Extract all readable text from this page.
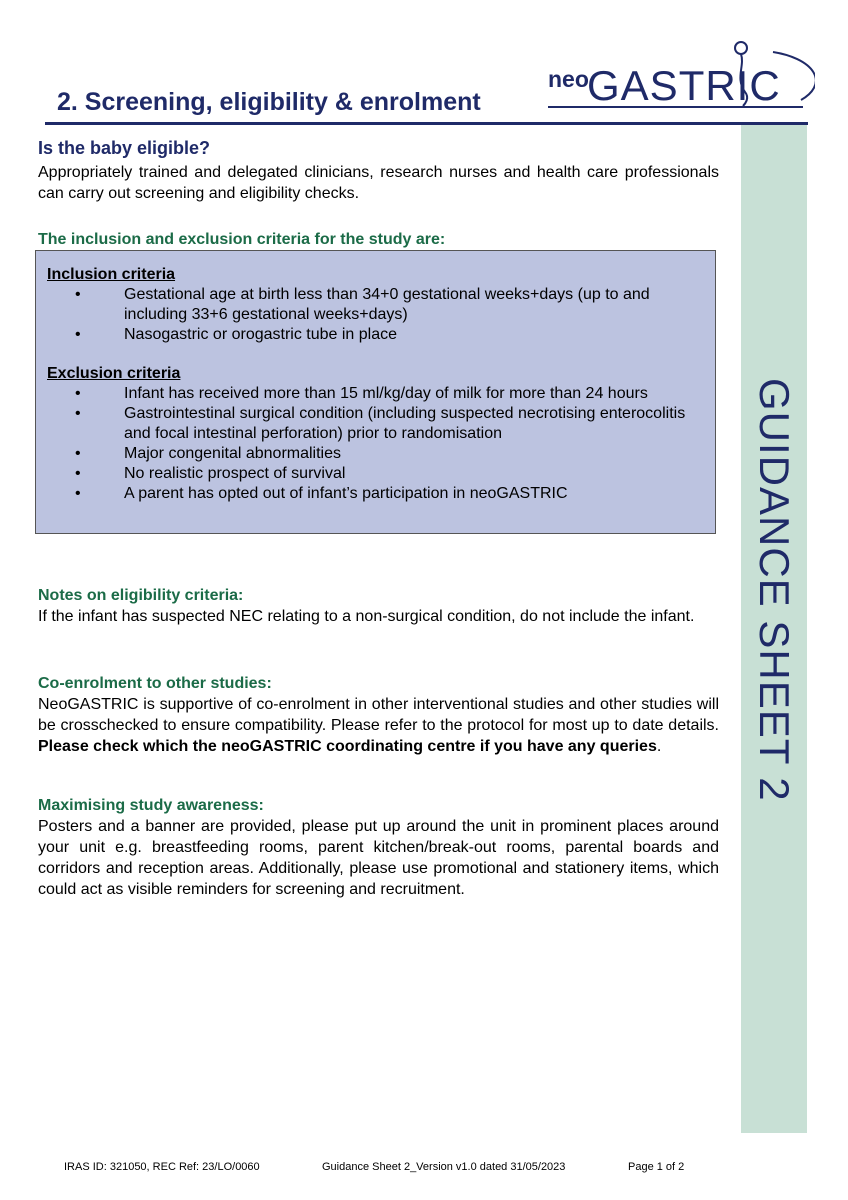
2. Screening, eligibility & enrolment
neo
GASTRIC
GUIDANCE SHEET 2
Is the baby eligible?

Appropriately trained and delegated clinicians, research nurses and health care professionals can carry out screening and eligibility checks.

The inclusion and exclusion criteria for the study are:
Inclusion criteria
• Gestational age at birth less than 34+0 gestational weeks+days (up to and including 33+6 gestational weeks+days)
• Nasogastric or orogastric tube in place
Exclusion criteria
• Infant has received more than 15 ml/kg/day of milk for more than 24 hours
• Gastrointestinal surgical condition (including suspected necrotising enterocolitis and focal intestinal perforation) prior to randomisation
• Major congenital abnormalities
• No realistic prospect of survival
• A parent has opted out of infant’s participation in neoGASTRIC
Notes on eligibility criteria:

If the infant has suspected NEC relating to a non-surgical condition, do not include the infant.

Co-enrolment to other studies:

NeoGASTRIC is supportive of co-enrolment in other interventional studies and other studies will be crosschecked to ensure compatibility. Please refer to the protocol for most up to date details. Please check which the neoGASTRIC coordinating centre if you have any queries.

Maximising study awareness:

Posters and a banner are provided, please put up around the unit in prominent places around your unit e.g. breastfeeding rooms, parent kitchen/break-out rooms, parental boards and corridors and reception areas. Additionally, please use promotional and stationery items, which could act as visible reminders for screening and recruitment.

IRAS ID: 321050, REC Ref: 23/LO/0060	Guidance Sheet 2_Version v1.0 dated 31/05/2023	Page 1 of 2
